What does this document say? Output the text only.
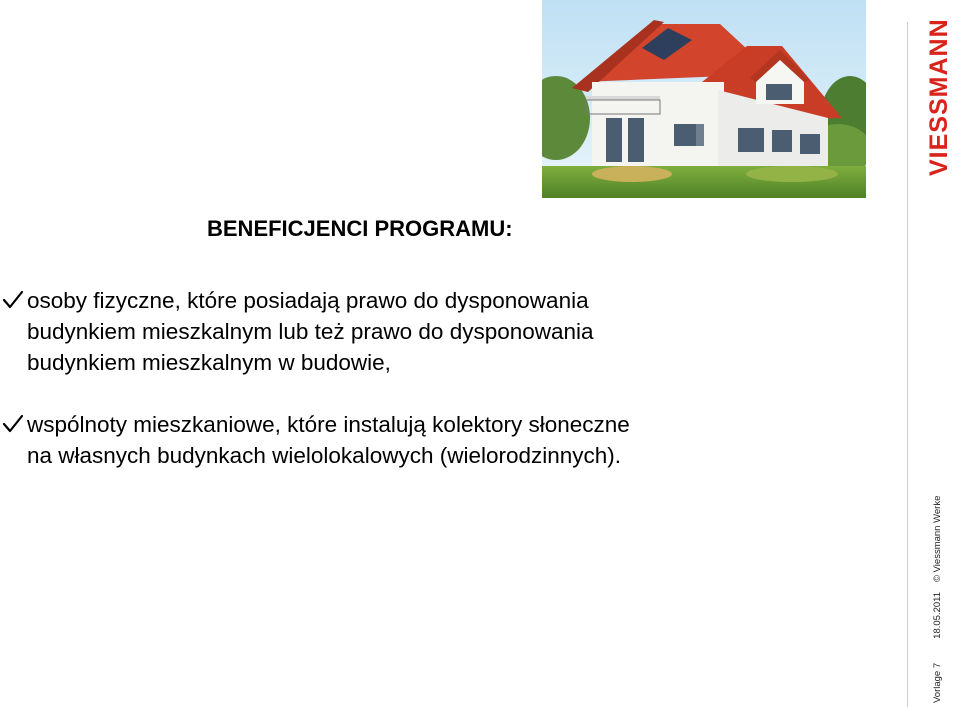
VIESSMANN
BENEFICJENCI PROGRAMU:
osoby fizyczne, które posiadają prawo do dysponowania
budynkiem mieszkalnym lub też prawo do dysponowania
budynkiem mieszkalnym w budowie,
wspólnoty mieszkaniowe, które instalują kolektory słoneczne
na własnych budynkach wielolokalowych (wielorodzinnych).
Vorlage 718.05.2011© Viessmann Werke
